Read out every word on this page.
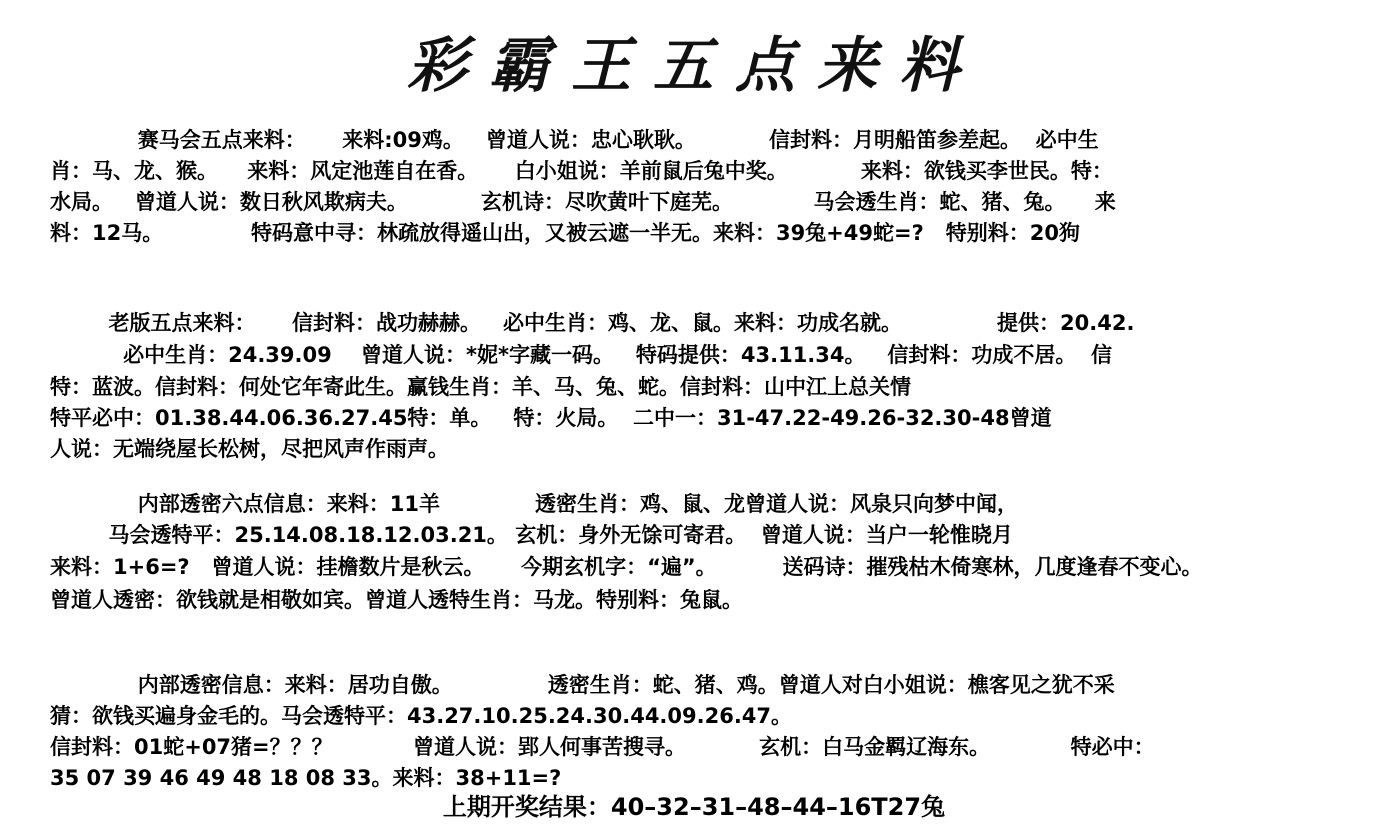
彩霸王五点来料
赛马会五点来料：     来料:09鸡。   曾道人说：忠心耿耿。          信封料：月明船笛参差起。  必中生
肖：马、龙、猴。    来料：风定池莲自在香。     白小姐说：羊前鼠后兔中奖。          来料：欲钱买李世民。特：
水局。   曾道人说：数日秋风欺病夫。          玄机诗：尽吹黄叶下庭芜。           马会透生肖：蛇、猪、兔。    来
料：12马。            特码意中寻：林疏放得遥山出，又被云遮一半无。来料：39兔+49蛇=?   特别料：20狗
老版五点来料：     信封料：战功赫赫。   必中生肖：鸡、龙、鼠。来料：功成名就。             提供：20.42.
必中生肖：24.39.09    曾道人说：*妮*字藏一码。   特码提供：43.11.34。   信封料：功成不居。  信
特：蓝波。信封料：何处它年寄此生。赢钱生肖：羊、马、兔、蛇。信封料：山中江上总关情
特平必中：01.38.44.06.36.27.45特：单。   特：火局。  二中一：31-47.22-49.26-32.30-48曾道
人说：无端绕屋长松树，尽把风声作雨声。
内部透密六点信息：来料：11羊             透密生肖：鸡、鼠、龙曾道人说：风泉只向梦中闻，
马会透特平：25.14.08.18.12.03.21。 玄机：身外无馀可寄君。  曾道人说：当户一轮惟晓月
来料：1+6=?   曾道人说：挂檐数片是秋云。     今期玄机字：“遍”。         送码诗：摧残枯木倚寒林，几度逢春不变心。
曾道人透密：欲钱就是相敬如宾。曾道人透特生肖：马龙。特别料：兔鼠。
内部透密信息：来料：居功自傲。             透密生肖：蛇、猪、鸡。曾道人对白小姐说：樵客见之犹不采
猜：欲钱买遍身金毛的。马会透特平：43.27.10.25.24.30.44.09.26.47。
信封料：01蛇+07猪=？？？           曾道人说：郢人何事苦搜寻。          玄机：白马金羁辽海东。           特必中：
35 07 39 46 49 48 18 08 33。来料：38+11=?
上期开奖结果：40–32–31–48–44–16T27兔
